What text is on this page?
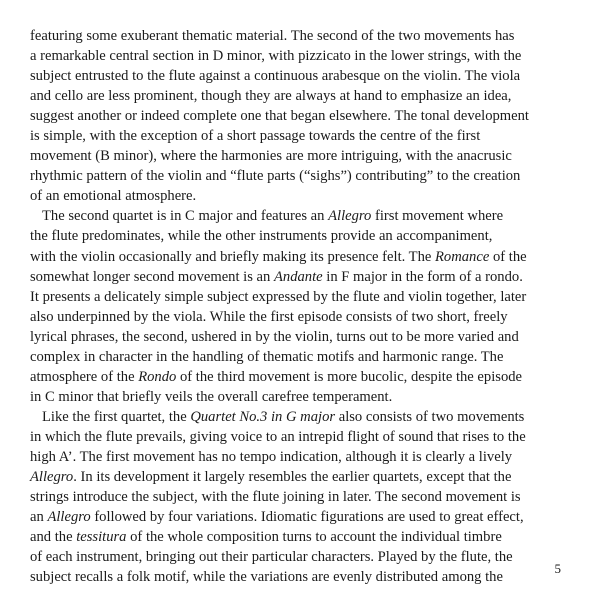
featuring some exuberant thematic material. The second of the two movements has
a remarkable central section in D minor, with pizzicato in the lower strings, with the
subject entrusted to the flute against a continuous arabesque on the violin. The viola
and cello are less prominent, though they are always at hand to emphasize an idea,
suggest another or indeed complete one that began elsewhere. The tonal development
is simple, with the exception of a short passage towards the centre of the first
movement (B minor), where the harmonies are more intriguing, with the anacrusic
rhythmic pattern of the violin and “flute parts (“sighs”) contributing” to the creation
of an emotional atmosphere.
The second quartet is in C major and features an Allegro first movement where
the flute predominates, while the other instruments provide an accompaniment,
with the violin occasionally and briefly making its presence felt. The Romance of the
somewhat longer second movement is an Andante in F major in the form of a rondo.
It presents a delicately simple subject expressed by the flute and violin together, later
also underpinned by the viola. While the first episode consists of two short, freely
lyrical phrases, the second, ushered in by the violin, turns out to be more varied and
complex in character in the handling of thematic motifs and harmonic range. The
atmosphere of the Rondo of the third movement is more bucolic, despite the episode
in C minor that briefly veils the overall carefree temperament.
Like the first quartet, the Quartet No.3 in G major also consists of two movements
in which the flute prevails, giving voice to an intrepid flight of sound that rises to the
high A’. The first movement has no tempo indication, although it is clearly a lively
Allegro. In its development it largely resembles the earlier quartets, except that the
strings introduce the subject, with the flute joining in later. The second movement is
an Allegro followed by four variations. Idiomatic figurations are used to great effect,
and the tessitura of the whole composition turns to account the individual timbre
of each instrument, bringing out their particular characters. Played by the flute, the
subject recalls a folk motif, while the variations are evenly distributed among the

5
